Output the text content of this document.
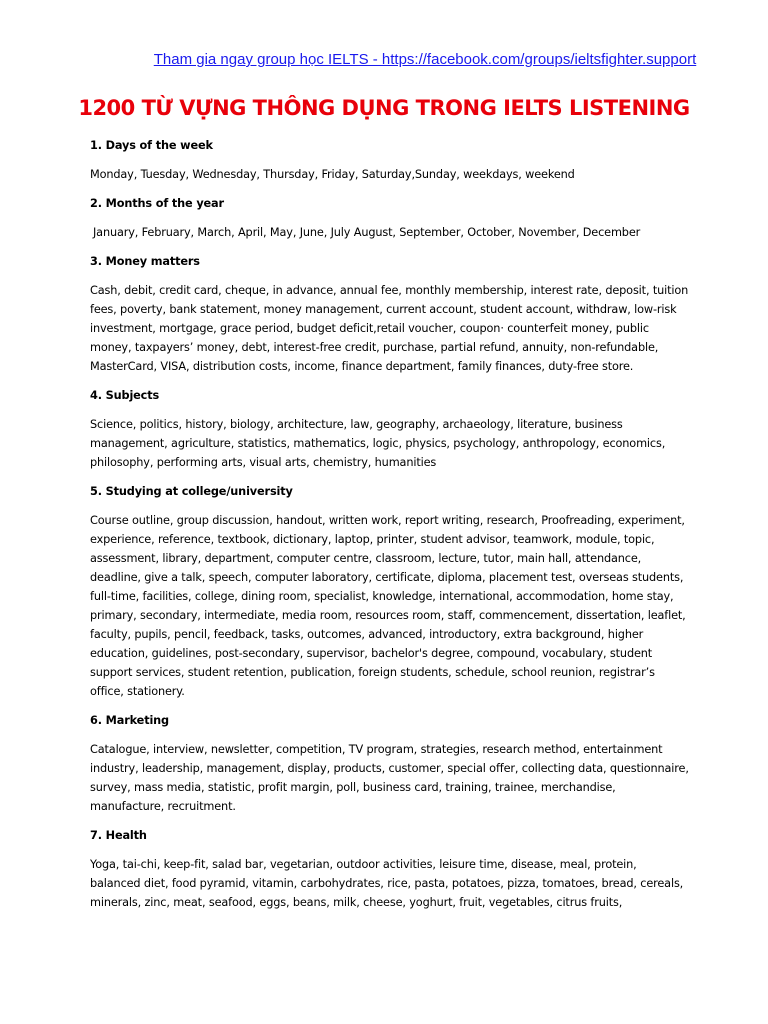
Tham gia ngay group học IELTS - https://facebook.com/groups/ieltsfighter.support
1200 TỪ VỰNG THÔNG DỤNG TRONG IELTS LISTENING

1. Days of the week

Monday, Tuesday, Wednesday, Thursday, Friday, Saturday,Sunday, weekdays, weekend

2. Months of the year

January, February, March, April, May, June, July August, September, October, November, December

3. Money matters

Cash, debit, credit card, cheque, in advance, annual fee, monthly membership, interest rate, deposit, tuition fees, poverty, bank statement, money management, current account, student account, withdraw, low-risk investment, mortgage, grace period, budget deficit,retail voucher, coupon· counterfeit money, public money, taxpayers’ money, debt, interest-free credit, purchase, partial refund, annuity, non-refundable, MasterCard, VISA, distribution costs, income, finance department, family finances, duty-free store.

4. Subjects

Science, politics, history, biology, architecture, law, geography, archaeology, literature, business management, agriculture, statistics, mathematics, logic, physics, psychology, anthropology, economics, philosophy, performing arts, visual arts, chemistry, humanities

5. Studying at college/university

Course outline, group discussion, handout, written work, report writing, research, Proofreading, experiment, experience, reference, textbook, dictionary, laptop, printer, student advisor, teamwork, module, topic, assessment, library, department, computer centre, classroom, lecture, tutor, main hall, attendance, deadline, give a talk, speech, computer laboratory, certificate, diploma, placement test, overseas students, full-time, facilities, college, dining room, specialist, knowledge, international, accommodation, home stay, primary, secondary, intermediate, media room, resources room, staff, commencement, dissertation, leaflet, faculty, pupils, pencil, feedback, tasks, outcomes, advanced, introductory, extra background, higher education, guidelines, post-secondary, supervisor, bachelor's degree, compound, vocabulary, student support services, student retention, publication, foreign students, schedule, school reunion, registrar’s office, stationery.

6. Marketing

Catalogue, interview, newsletter, competition, TV program, strategies, research method, entertainment industry, leadership, management, display, products, customer, special offer, collecting data, questionnaire, survey, mass media, statistic, profit margin, poll, business card, training, trainee, merchandise, manufacture, recruitment.

7. Health

Yoga, tai-chi, keep-fit, salad bar, vegetarian, outdoor activities, leisure time, disease, meal, protein, balanced diet, food pyramid, vitamin, carbohydrates, rice, pasta, potatoes, pizza, tomatoes, bread, cereals, minerals, zinc, meat, seafood, eggs, beans, milk, cheese, yoghurt, fruit, vegetables, citrus fruits,
